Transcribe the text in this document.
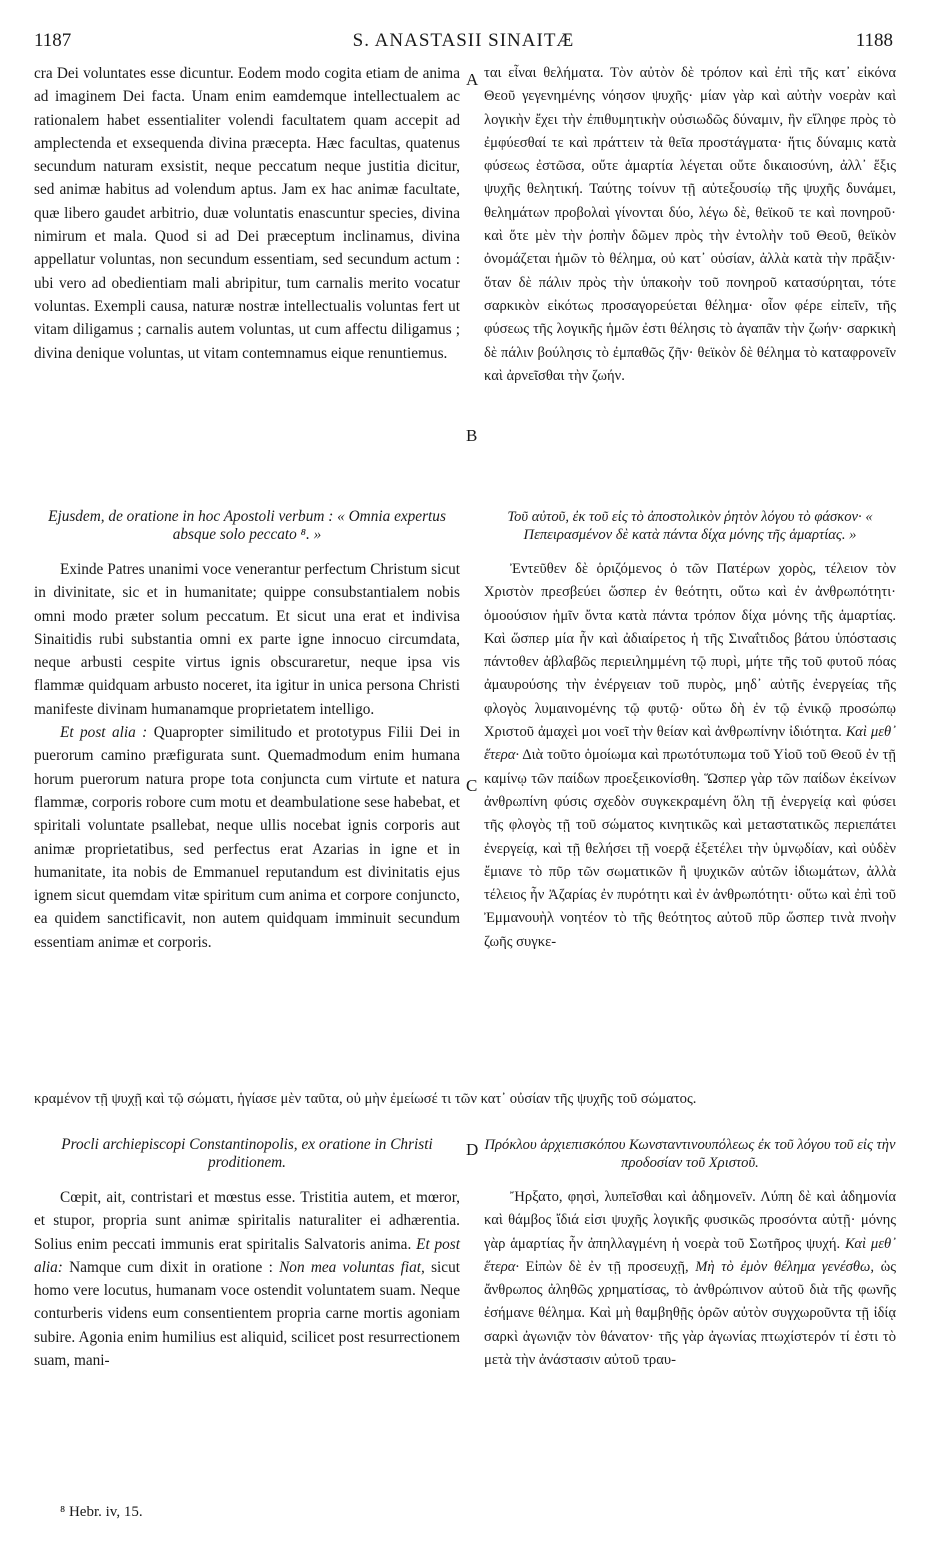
1187	S. ANASTASII SINAITÆ	1188

cra Dei voluntates esse dicuntur. Eodem modo cogita etiam de anima ad imaginem Dei facta. Unam enim eamdemque intellectualem ac rationalem habet essentialiter volendi facultatem quam accepit ad amplectenda et exsequenda divina præcepta. Hæc facultas, quatenus secundum naturam exsistit, neque peccatum neque justitia dicitur, sed animæ habitus ad volendum aptus. Jam ex hac animæ facultate, quæ libero gaudet arbitrio, duæ voluntatis enascuntur species, divina nimirum et mala. Quod si ad Dei præceptum inclinamus, divina appellatur voluntas, non secundum essentiam, sed secundum actum : ubi vero ad obedientiam mali abripitur, tum carnalis merito vocatur voluntas. Exempli causa, naturæ nostræ intellectualis voluntas fert ut vitam diligamus ; carnalis autem voluntas, ut cum affectu diligamus ; divina denique voluntas, ut vitam contemnamus eique renuntiemus.

ται εἶναι θελήματα. Τὸν αὐτὸν δὲ τρόπον καὶ ἐπὶ τῆς κατ᾽ εἰκόνα Θεοῦ γεγενημένης νόησον ψυχῆς· μίαν γὰρ καὶ αὐτὴν νοερὰν καὶ λογικὴν ἔχει τὴν ἐπιθυμητικὴν οὐσιωδῶς δύναμιν, ἣν εἴληφε πρὸς τὸ ἐμφύεσθαί τε καὶ πράττειν τὰ θεῖα προστάγματα· ἥτις δύναμις κατὰ φύσεως ἐστῶσα, οὔτε ἁμαρτία λέγεται οὔτε δικαιοσύνη, ἀλλ᾽ ἕξις ψυχῆς θελητική. Ταύτης τοίνυν τῇ αὐτεξουσίῳ τῆς ψυχῆς δυνάμει, θελημάτων προβολαὶ γίνονται δύο, λέγω δὲ, θεϊκοῦ τε καὶ πονηροῦ· καὶ ὅτε μὲν τὴν ῥοπὴν δῶμεν πρὸς τὴν ἐντολὴν τοῦ Θεοῦ, θεϊκὸν ὀνομάζεται ἡμῶν τὸ θέλημα, οὐ κατ᾽ οὐσίαν, ἀλλὰ κατὰ τὴν πρᾶξιν· ὅταν δὲ πάλιν πρὸς τὴν ὑπακοὴν τοῦ πονηροῦ κατασύρηται, τότε σαρκικὸν εἰκότως προσαγορεύεται θέλημα· οἷον φέρε εἰπεῖν, τῆς φύσεως τῆς λογικῆς ἡμῶν ἐστι θέλησις τὸ ἀγαπᾶν τὴν ζωήν· σαρκικὴ δὲ πάλιν βούλησις τὸ ἐμπαθῶς ζῆν· θεϊκὸν δὲ θέλημα τὸ καταφρονεῖν καὶ ἀρνεῖσθαι τὴν ζωήν.

A
B

Ejusdem, de oratione in hoc Apostoli verbum : « Omnia expertus absque solo peccato ⁸. »

Exinde Patres unanimi voce venerantur perfectum Christum sicut in divinitate, sic et in humanitate; quippe consubstantialem nobis omni modo præter solum peccatum. Et sicut una erat et indivisa Sinaitidis rubi substantia omni ex parte igne innocuo circumdata, neque arbusti cespite virtus ignis obscuraretur, neque ipsa vis flammæ quidquam arbusto noceret, ita igitur in unica persona Christi manifeste divinam humanamque proprietatem intelligo.

Et post alia : Quapropter similitudo et prototypus Filii Dei in puerorum camino præfigurata sunt. Quemadmodum enim humana horum puerorum natura prope tota conjuncta cum virtute et natura flammæ, corporis robore cum motu et deambulatione sese habebat, et spiritali voluntate psallebat, neque ullis nocebat ignis corporis aut animæ proprietatibus, sed perfectus erat Azarias in igne et in humanitate, ita nobis de Emmanuel reputandum est divinitatis ejus ignem sicut quemdam vitæ spiritum cum anima et corpore conjuncto, ea quidem sanctificavit, non autem quidquam imminuit secundum essentiam animæ et corporis.

Τοῦ αὐτοῦ, ἐκ τοῦ εἰς τὸ ἀποστολικὸν ῥητὸν λόγου τὸ φάσκον· « Πεπειρασμένον δὲ κατὰ πάντα δίχα μόνης τῆς ἁμαρτίας. »

Ἐντεῦθεν δὲ ὁριζόμενος ὁ τῶν Πατέρων χορὸς, τέλειον τὸν Χριστὸν πρεσβεύει ὥσπερ ἐν θεότητι, οὕτω καὶ ἐν ἀνθρωπότητι· ὁμοούσιον ἡμῖν ὄντα κατὰ πάντα τρόπον δίχα μόνης τῆς ἁμαρτίας. Καὶ ὥσπερ μία ἦν καὶ ἀδιαίρετος ἡ τῆς Σιναΐτιδος βάτου ὑπόστασις πάντοθεν ἀβλαβῶς περιειλημμένη τῷ πυρὶ, μήτε τῆς τοῦ φυτοῦ πόας ἀμαυρούσης τὴν ἐνέργειαν τοῦ πυρὸς, μηδ᾽ αὐτῆς ἐνεργείας τῆς φλογὸς λυμαινομένης τῷ φυτῷ· οὕτω δὴ ἐν τῷ ἐνικῷ προσώπῳ Χριστοῦ ἀμαχεὶ μοι νοεῖ τὴν θείαν καὶ ἀνθρωπίνην ἰδιότητα. Καὶ μεθ᾽ ἕτερα· Διὰ τοῦτο ὁμοίωμα καὶ πρωτότυπωμα τοῦ Υἱοῦ τοῦ Θεοῦ ἐν τῇ καμίνῳ τῶν παίδων προεξεικονίσθη. Ὥσπερ γὰρ τῶν παίδων ἐκείνων ἀνθρωπίνη φύσις σχεδὸν συγκεκραμένη ὅλη τῇ ἐνεργείᾳ καὶ φύσει τῆς φλογὸς τῇ τοῦ σώματος κινητικῶς καὶ μεταστατικῶς περιεπάτει ἐνεργείᾳ, καὶ τῇ θελήσει τῇ νοερᾷ ἐξετέλει τὴν ὑμνῳδίαν, καὶ οὐδὲν ἔμιανε τὸ πῦρ τῶν σωματικῶν ἢ ψυχικῶν αὐτῶν ἰδιωμάτων, ἀλλὰ τέλειος ἦν Ἀζαρίας ἐν πυρότητι καὶ ἐν ἀνθρωπότητι· οὕτω καὶ ἐπὶ τοῦ Ἐμμανουὴλ νοητέον τὸ τῆς θεότητος αὐτοῦ πῦρ ὥσπερ τινὰ πνοὴν ζωῆς συγκε-

C
κραμένον τῇ ψυχῇ καὶ τῷ σώματι, ἡγίασε μὲν ταῦτα, οὐ μὴν ἐμείωσέ τι τῶν κατ᾽ οὐσίαν τῆς ψυχῆς τοῦ σώματος.

Procli archiepiscopi Constantinopolis, ex oratione in Christi proditionem.

Cœpit, ait, contristari et mœstus esse. Tristitia autem, et mœror, et stupor, propria sunt animæ spiritalis naturaliter ei adhærentia. Solius enim peccati immunis erat spiritalis Salvatoris anima. Et post alia: Namque cum dixit in oratione : Non mea voluntas fiat, sicut homo vere locutus, humanam voce ostendit voluntatem suam. Neque conturberis videns eum consentientem propria carne mortis agoniam subire. Agonia enim humilius est aliquid, scilicet post resurrectionem suam, mani-

Πρόκλου ἀρχιεπισκόπου Κωνσταντινουπόλεως ἐκ τοῦ λόγου τοῦ εἰς τὴν προδοσίαν τοῦ Χριστοῦ.

Ἤρξατο, φησὶ, λυπεῖσθαι καὶ ἀδημονεῖν. Λύπη δὲ καὶ ἀδημονία καὶ θάμβος ἴδιά εἰσι ψυχῆς λογικῆς φυσικῶς προσόντα αὐτῇ· μόνης γὰρ ἁμαρτίας ἦν ἀπηλλαγμένη ἡ νοερὰ τοῦ Σωτῆρος ψυχή. Καὶ μεθ᾽ ἕτερα· Εἰπὼν δὲ ἐν τῇ προσευχῇ, Μὴ τὸ ἐμὸν θέλημα γενέσθω, ὡς ἄνθρωπος ἀληθῶς χρηματίσας, τὸ ἀνθρώπινον αὐτοῦ διὰ τῆς φωνῆς ἐσήμανε θέλημα. Καὶ μὴ θαμβηθῇς ὁρῶν αὐτὸν συγχωροῦντα τῇ ἰδίᾳ σαρκὶ ἀγωνιᾷν τὸν θάνατον· τῆς γὰρ ἀγωνίας πτωχίστερόν τί ἐστι τὸ μετὰ τὴν ἀνάστασιν αὐτοῦ τραυ-

D
⁸ Hebr. iv, 15.
